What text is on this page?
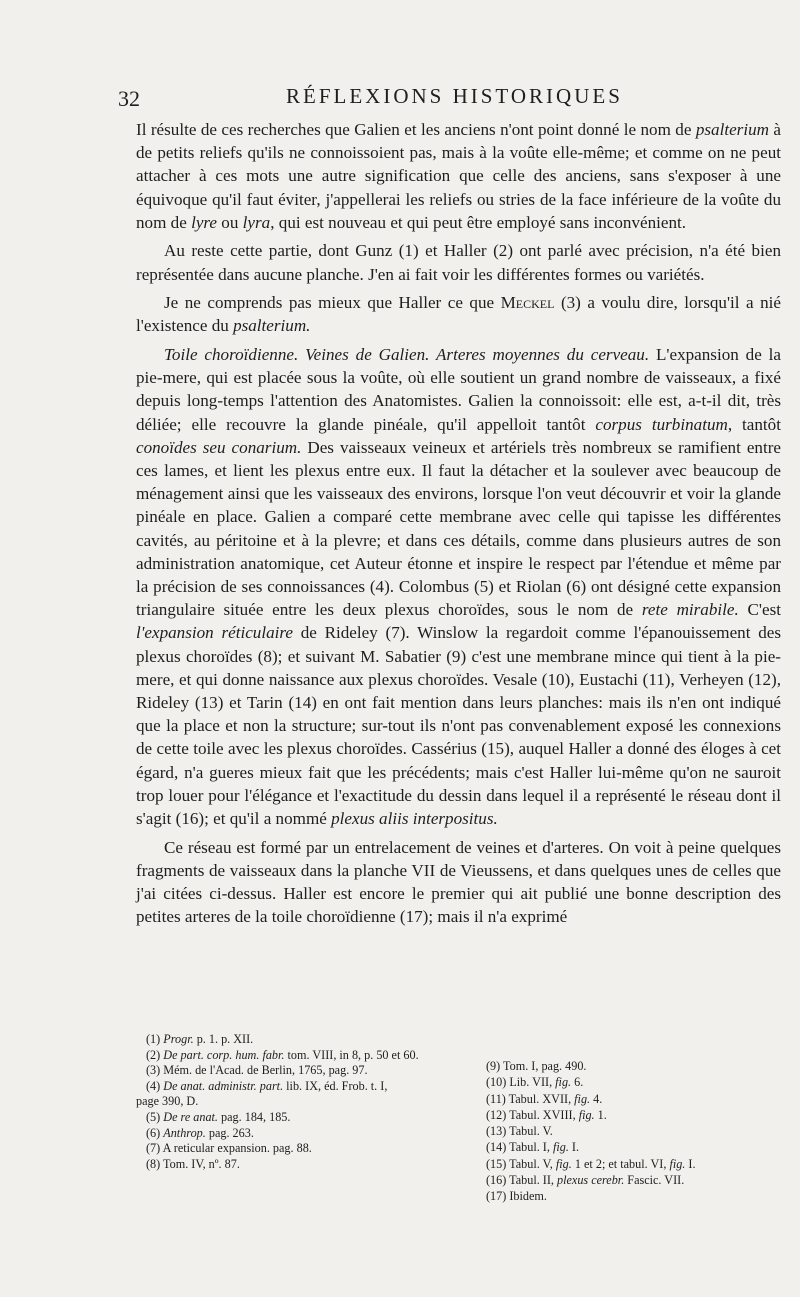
32	RÉFLEXIONS HISTORIQUES

Il résulte de ces recherches que Galien et les anciens n'ont point donné le nom de psalterium à de petits reliefs qu'ils ne connoissoient pas, mais à la voûte elle-même; et comme on ne peut attacher à ces mots une autre signification que celle des anciens, sans s'exposer à une équivoque qu'il faut éviter, j'appellerai les reliefs ou stries de la face inférieure de la voûte du nom de lyre ou lyra, qui est nouveau et qui peut être employé sans inconvénient.

Au reste cette partie, dont Gunz (1) et Haller (2) ont parlé avec précision, n'a été bien représentée dans aucune planche. J'en ai fait voir les différentes formes ou variétés.

Je ne comprends pas mieux que Haller ce que Meckel (3) a voulu dire, lorsqu'il a nié l'existence du psalterium.

Toile choroïdienne. Veines de Galien. Arteres moyennes du cerveau. L'expansion de la pie-mere, qui est placée sous la voûte, où elle soutient un grand nombre de vaisseaux, a fixé depuis long-temps l'attention des Anatomistes. Galien la connoissoit: elle est, a-t-il dit, très déliée; elle recouvre la glande pinéale, qu'il appelloit tantôt corpus turbinatum, tantôt conoïdes seu conarium. Des vaisseaux veineux et artériels très nombreux se ramifient entre ces lames, et lient les plexus entre eux. Il faut la détacher et la soulever avec beaucoup de ménagement ainsi que les vaisseaux des environs, lorsque l'on veut découvrir et voir la glande pinéale en place. Galien a comparé cette membrane avec celle qui tapisse les différentes cavités, au péritoine et à la plevre; et dans ces détails, comme dans plusieurs autres de son administration anatomique, cet Auteur étonne et inspire le respect par l'étendue et même par la précision de ses connoissances (4). Colombus (5) et Riolan (6) ont désigné cette expansion triangulaire située entre les deux plexus choroïdes, sous le nom de rete mirabile. C'est l'expansion réticulaire de Rideley (7). Winslow la regardoit comme l'épanouissement des plexus choroïdes (8); et suivant M. Sabatier (9) c'est une membrane mince qui tient à la pie-mere, et qui donne naissance aux plexus choroïdes. Vesale (10), Eustachi (11), Verheyen (12), Rideley (13) et Tarin (14) en ont fait mention dans leurs planches: mais ils n'en ont indiqué que la place et non la structure; sur-tout ils n'ont pas convenablement exposé les connexions de cette toile avec les plexus choroïdes. Cassérius (15), auquel Haller a donné des éloges à cet égard, n'a gueres mieux fait que les précédents; mais c'est Haller lui-même qu'on ne sauroit trop louer pour l'élégance et l'exactitude du dessin dans lequel il a représenté le réseau dont il s'agit (16); et qu'il a nommé plexus aliis interpositus.

Ce réseau est formé par un entrelacement de veines et d'arteres. On voit à peine quelques fragments de vaisseaux dans la planche VII de Vieussens, et dans quelques unes de celles que j'ai citées ci-dessus. Haller est encore le premier qui ait publié une bonne description des petites arteres de la toile choroïdienne (17); mais il n'a exprimé

(1) Progr. p. 1. p. XII.
(2) De part. corp. hum. fabr. tom. VIII, in 8, p. 50 et 60.
(3) Mém. de l'Acad. de Berlin, 1765, pag. 97.
(4) De anat. administr. part. lib. IX, éd. Frob. t. I,
page 390, D.
(5) De re anat. pag. 184, 185.
(6) Anthrop. pag. 263.
(7) A reticular expansion. pag. 88.
(8) Tom. IV, nº. 87.
(9) Tom. I, pag. 490.
(10) Lib. VII, fig. 6.
(11) Tabul. XVII, fig. 4.
(12) Tabul. XVIII, fig. 1.
(13) Tabul. V.
(14) Tabul. I, fig. I.
(15) Tabul. V, fig. 1 et 2; et tabul. VI, fig. I.
(16) Tabul. II, plexus cerebr. Fascic. VII.
(17) Ibidem.
